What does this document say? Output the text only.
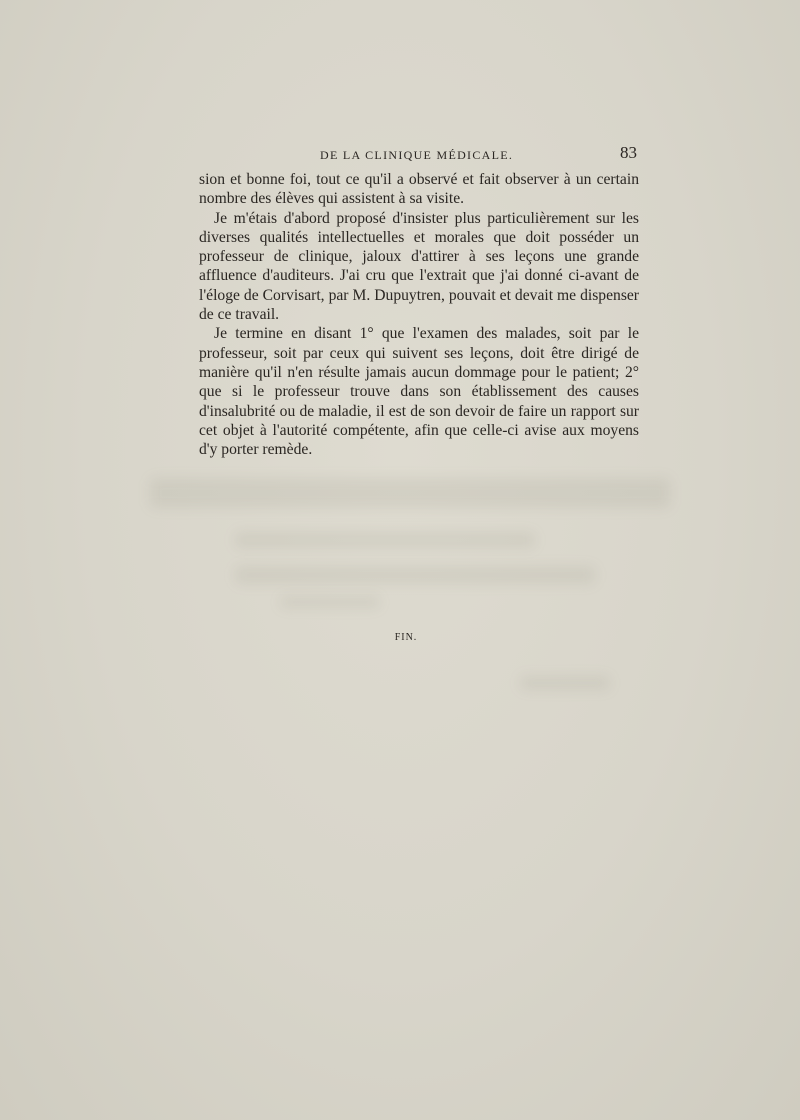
DE LA CLINIQUE MÉDICALE.	83

sion et bonne foi, tout ce qu'il a observé et fait observer à un certain nombre des élèves qui assistent à sa visite.

Je m'étais d'abord proposé d'insister plus particulièrement sur les diverses qualités intellectuelles et morales que doit posséder un professeur de clinique, jaloux d'attirer à ses leçons une grande affluence d'auditeurs. J'ai cru que l'extrait que j'ai donné ci-avant de l'éloge de Corvisart, par M. Dupuytren, pouvait et devait me dispenser de ce travail.

Je termine en disant 1° que l'examen des malades, soit par le professeur, soit par ceux qui suivent ses leçons, doit être dirigé de manière qu'il n'en résulte jamais aucun dommage pour le patient; 2° que si le professeur trouve dans son établissement des causes d'insalubrité ou de maladie, il est de son devoir de faire un rapport sur cet objet à l'autorité compétente, afin que celle-ci avise aux moyens d'y porter remède.

FIN.
